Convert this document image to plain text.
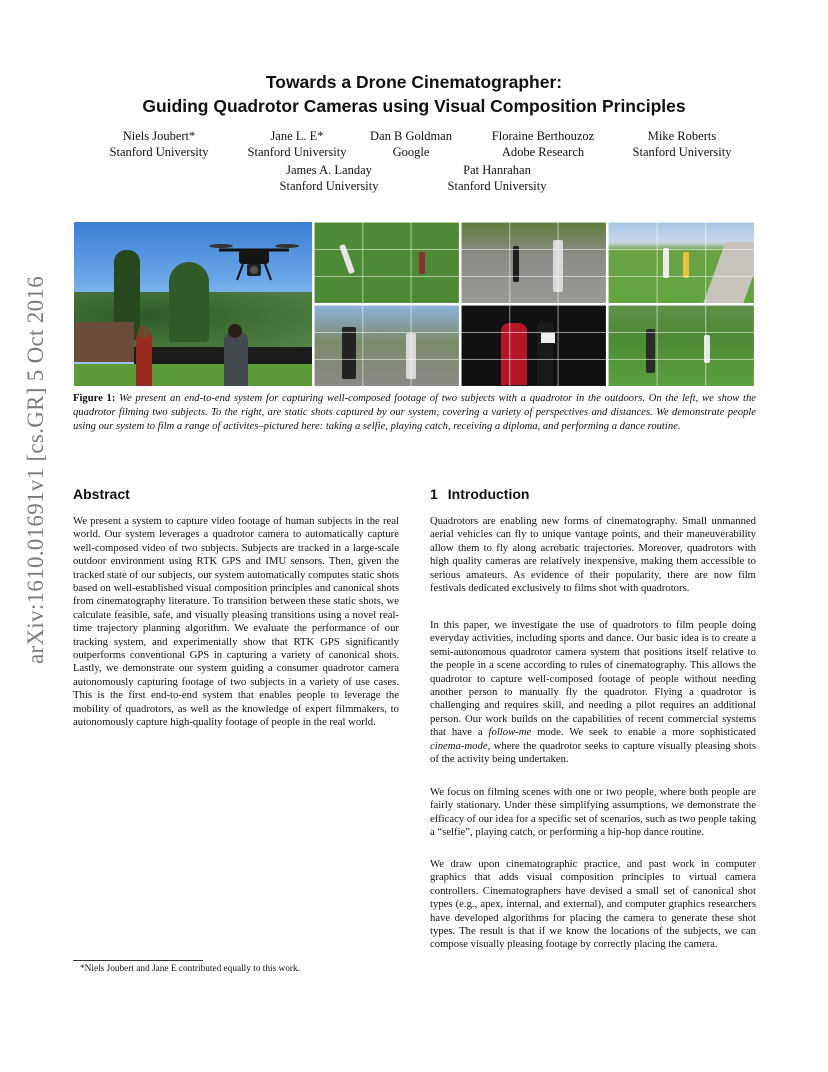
Towards a Drone Cinematographer:
Guiding Quadrotor Cameras using Visual Composition Principles
Niels Joubert*
Stanford University
Jane L. E*
Stanford University
Dan B Goldman
Google
Floraine Berthouzoz
Adobe Research
Mike Roberts
Stanford University
James A. Landay
Stanford University
Pat Hanrahan
Stanford University
arXiv:1610.01691v1 [cs.GR] 5 Oct 2016 Figure 1: We present an end-to-end system for capturing well-composed footage of two subjects with a quadrotor in the outdoors. On the left, we show the quadrotor filming two subjects. To the right, are static shots captured by our system, covering a variety of perspectives and distances. We demonstrate people using our system to film a range of activites–pictured here: taking a selfie, playing catch, receiving a diploma, and performing a dance routine.
Abstract
We present a system to capture video footage of human subjects in the real world. Our system leverages a quadrotor camera to automatically capture well-composed video of two subjects. Subjects are tracked in a large-scale outdoor environment using RTK GPS and IMU sensors. Then, given the tracked state of our subjects, our system automatically computes static shots based on well-established visual composition principles and canonical shots from cinematography literature. To transition between these static shots, we calculate feasible, safe, and visually pleasing transitions using a novel real-time trajectory planning algorithm. We evaluate the performance of our tracking system, and experimentally show that RTK GPS significantly outperforms conventional GPS in capturing a variety of canonical shots. Lastly, we demonstrate our system guiding a consumer quadrotor camera autonomously capturing footage of two subjects in a variety of use cases. This is the first end-to-end system that enables people to leverage the mobility of quadrotors, as well as the knowledge of expert filmmakers, to autonomously capture high-quality footage of people in the real world.
1 Introduction
Quadrotors are enabling new forms of cinematography. Small unmanned aerial vehicles can fly to unique vantage points, and their maneuverability allow them to fly along acrobatic trajectories. Moreover, quadrotors with high quality cameras are relatively inexpensive, making them accessible to serious amateurs. As evidence of their popularity, there are now film festivals dedicated exclusively to films shot with quadrotors.
In this paper, we investigate the use of quadrotors to film people doing everyday activities, including sports and dance. Our basic idea is to create a semi-autonomous quadrotor camera system that positions itself relative to the people in a scene according to rules of cinematography. This allows the quadrotor to capture well-composed footage of people without needing another person to manually fly the quadrotor. Flying a quadrotor is challenging and requires skill, and needing a pilot requires an additional person. Our work builds on the capabilities of recent commercial systems that have a follow-me mode. We seek to enable a more sophisticated cinema-mode, where the quadrotor seeks to capture visually pleasing shots of the activity being undertaken.
We focus on filming scenes with one or two people, where both people are fairly stationary. Under these simplifying assumptions, we demonstrate the efficacy of our idea for a specific set of scenarios, such as two people taking a “selfie”, playing catch, or performing a hip-hop dance routine.
We draw upon cinematographic practice, and past work in computer graphics that adds visual composition principles to virtual camera controllers. Cinematographers have devised a small set of canonical shot types (e.g., apex, internal, and external), and computer graphics researchers have developed algorithms for placing the camera to generate these shot types. The result is that if we know the locations of the subjects, we can compose visually pleasing footage by correctly placing the camera.
*Niels Joubert and Jane E contributed equally to this work.
